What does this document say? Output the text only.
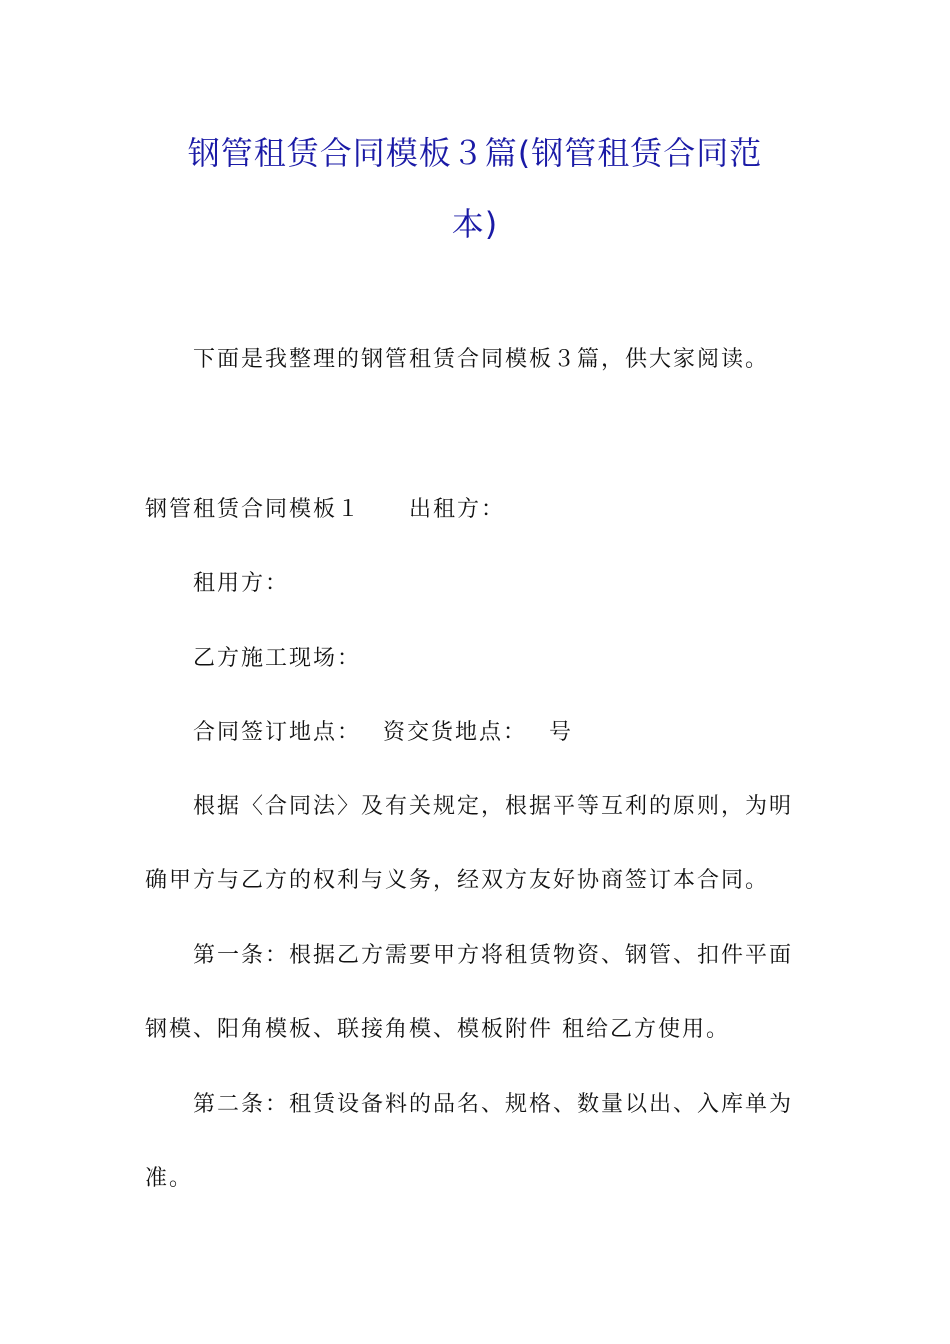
钢管租赁合同模板３篇(钢管租赁合同范
本)
下面是我整理的钢管租赁合同模板３篇，供大家阅读。
钢管租赁合同模板１ 出租方：
租用方：
乙方施工现场：
合同签订地点： 资交货地点： 号
根据〈合同法〉及有关规定，根据平等互利的原则，为明
确甲方与乙方的权利与义务，经双方友好协商签订本合同。
第一条：根据乙方需要甲方将租赁物资、钢管、扣件平面
钢模、阳角模板、联接角模、模板附件 租给乙方使用。
第二条：租赁设备料的品名、规格、数量以出、入库单为
准。
